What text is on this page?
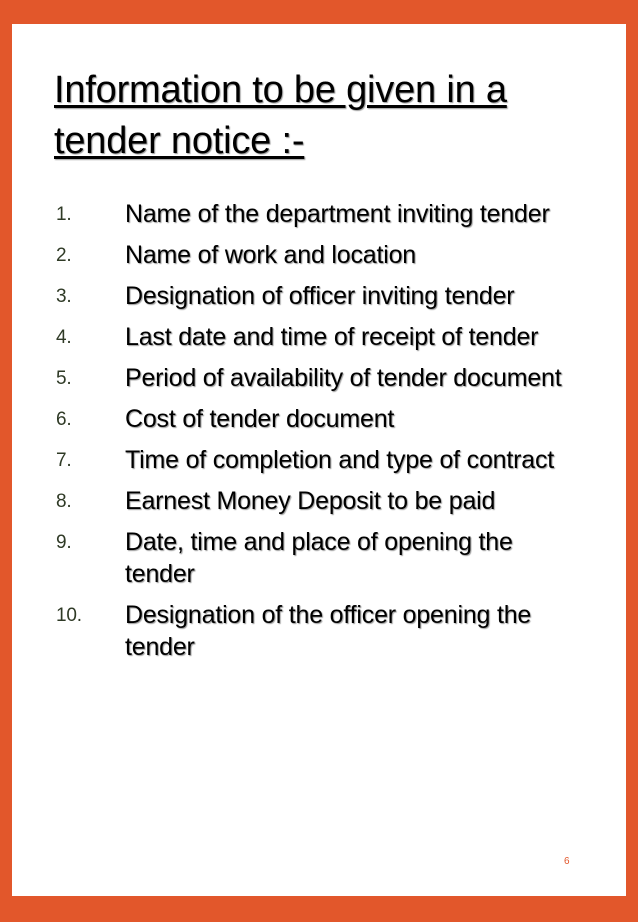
Information to be given in a tender notice :-
1. Name of the department inviting tender
2. Name of work and location
3. Designation of officer inviting tender
4. Last date and time of receipt of tender
5. Period of availability of tender document
6. Cost of tender document
7. Time of completion and type of contract
8. Earnest Money Deposit to be paid
9. Date, time and place of opening the tender
10. Designation of the officer opening the tender
6
